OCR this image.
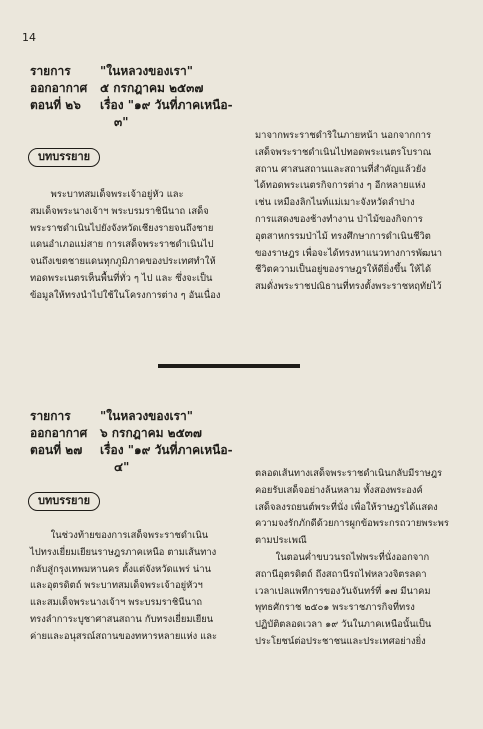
14
รายการ	"ในหลวงของเรา"
ออกอากาศ	๕ กรกฎาคม ๒๕๓๗
ตอนที่ ๒๖	เรื่อง "๑๙ วันที่ภาคเหนือ-
๓"
บทบรรยาย

พระบาทสมเด็จพระเจ้าอยู่หัว และ

สมเด็จพระนางเจ้าฯ พระบรมราชินีนาถ เสด็จ

พระราชดำเนินไปยังจังหวัดเชียงรายจนถึงชาย

แดนอำเภอแม่สาย การเสด็จพระราชดำเนินไป

จนถึงเขตชายแดนทุกภูมิภาคของประเทศทำให้

ทอดพระเนตรเห็นพื้นที่ทั่ว ๆ ไป และ ซึ่งจะเป็น

ข้อมูลให้ทรงนำไปใช้ในโครงการต่าง ๆ อันเนื่อง

มาจากพระราชดำริในภายหน้า นอกจากการ

เสด็จพระราชดำเนินไปทอดพระเนตรโบราณ

สถาน ศาสนสถานและสถานที่สำคัญแล้วยัง

ได้ทอดพระเนตรกิจการต่าง ๆ อีกหลายแห่ง

เช่น เหมืองลิกไนท์แม่เมาะจังหวัดลำปาง

การแสดงของช้างทำงาน ป่าไม้ของกิจการ

อุตสาหกรรมป่าไม้ ทรงศึกษาการดำเนินชีวิต

ของราษฎร เพื่อจะได้ทรงหาแนวทางการพัฒนา

ชีวิตความเป็นอยู่ของราษฎรให้ดียิ่งขึ้น ให้ได้

สมดั่งพระราชปณิธานที่ทรงตั้งพระราชหฤทัยไว้

รายการ	"ในหลวงของเรา"
ออกอากาศ	๖ กรกฎาคม ๒๕๓๗
ตอนที่ ๒๗	เรื่อง "๑๙ วันที่ภาคเหนือ-
๔"
บทบรรยาย

ในช่วงท้ายของการเสด็จพระราชดำเนิน

ไปทรงเยี่ยมเยียนราษฎรภาคเหนือ ตามเส้นทาง

กลับสู่กรุงเทพมหานคร ตั้งแต่จังหวัดแพร่ น่าน

และอุตรดิตถ์ พระบาทสมเด็จพระเจ้าอยู่หัวฯ

และสมเด็จพระนางเจ้าฯ พระบรมราชินีนาถ

ทรงลำการะบูชาศาสนสถาน กับทรงเยี่ยมเยียน

ค่ายและอนุสรณ์สถานของทหารหลายแห่ง และ

ตลอดเส้นทางเสด็จพระราชดำเนินกลับมีราษฎร

คอยรับเสด็จอย่างล้นหลาม ทั้งสองพระองค์

เสด็จลงรถยนต์พระที่นั่ง เพื่อให้ราษฎรได้แสดง

ความจงรักภักดีด้วยการผูกข้อพระกรถวายพระพร

ตามประเพณี

ในตอนค่ำขบวนรถไฟพระที่นั่งออกจาก

สถานีอุตรดิตถ์ ถึงสถานีรถไฟหลวงจิตรลดา

เวลาเปลแพทีการของวันจันทร์ที่ ๑๗ มีนาคม

พุทธศักราช ๒๕๐๑ พระราชภารกิจที่ทรง

ปฏิบัติตลอดเวลา ๑๙ วันในภาคเหนือนั้นเป็น

ประโยชน์ต่อประชาชนและประเทศอย่างยิ่ง
